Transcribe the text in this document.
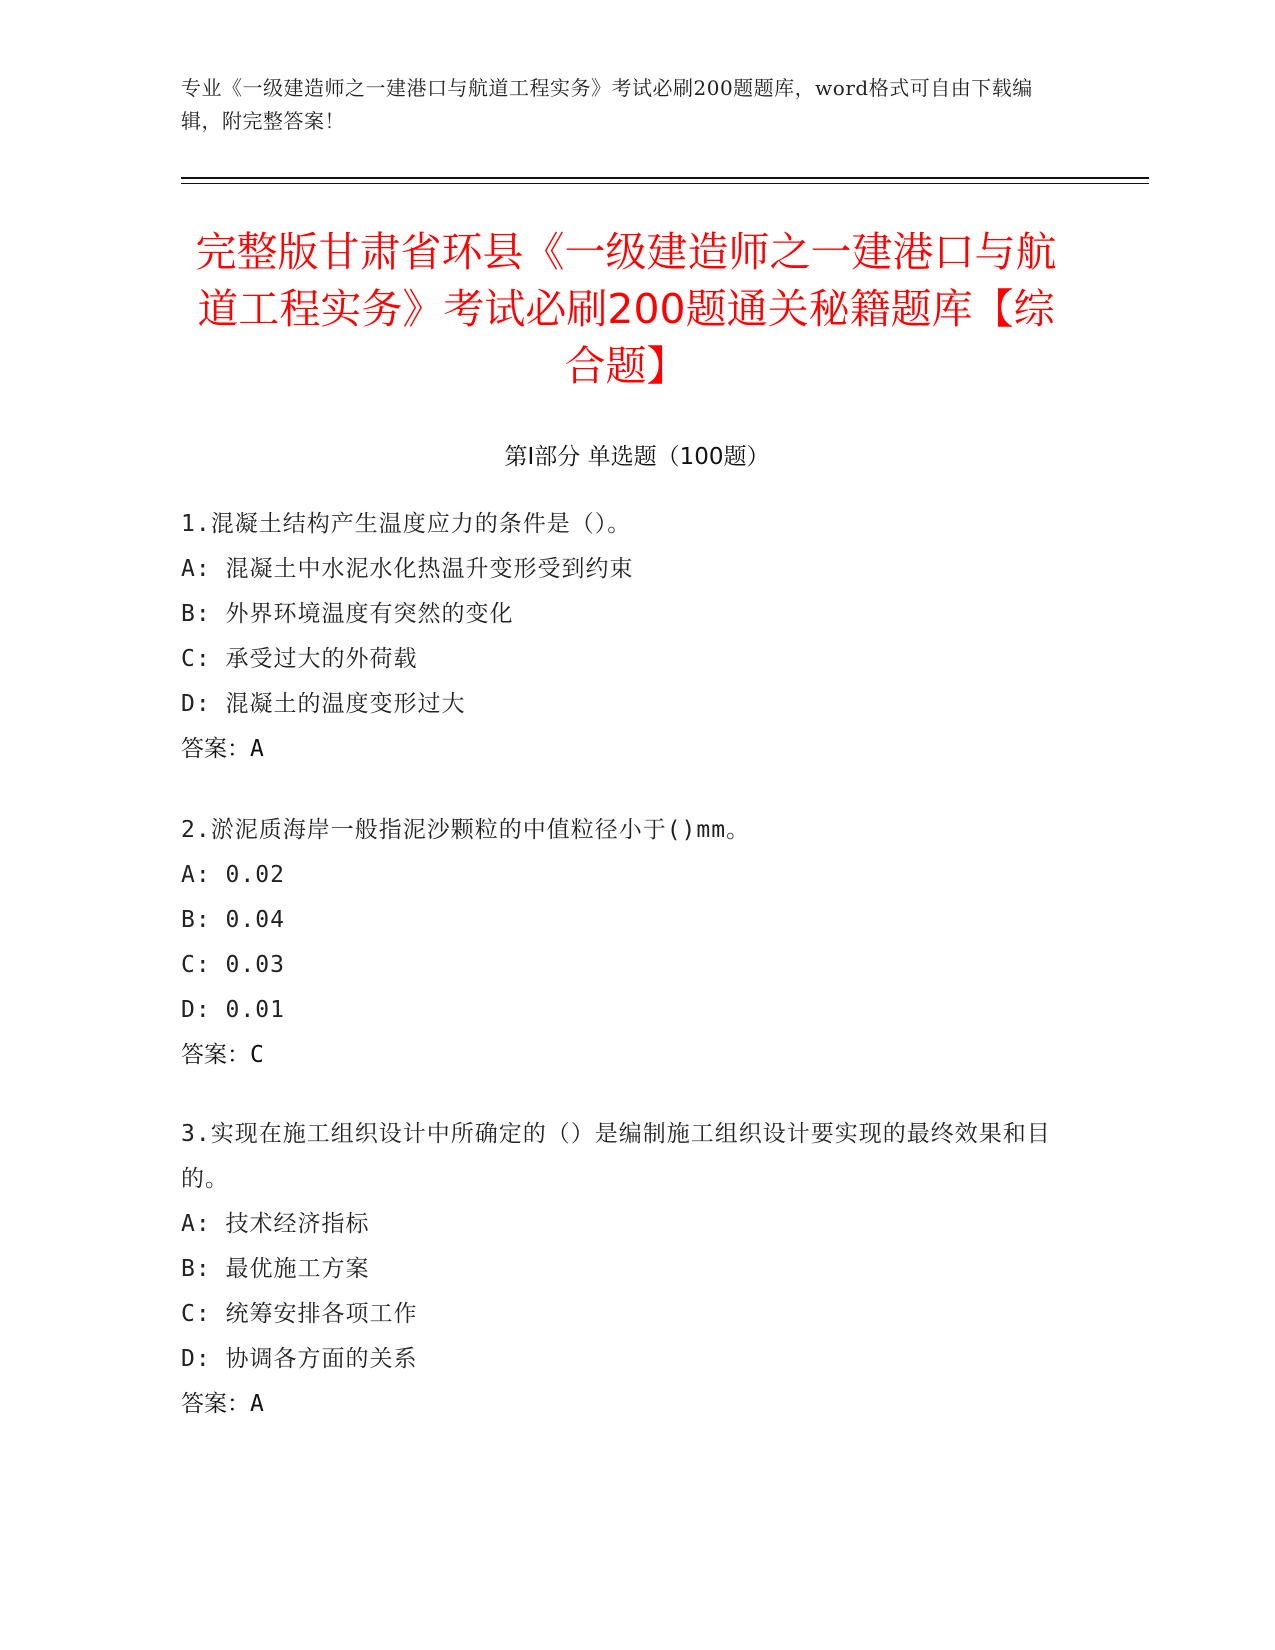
专业《一级建造师之一建港口与航道工程实务》考试必刷200题题库，word格式可自由下载编辑，附完整答案！
完整版甘肃省环县《一级建造师之一建港口与航道工程实务》考试必刷200题通关秘籍题库【综合题】
第I部分 单选题（100题）
1.混凝土结构产生温度应力的条件是（）。
A: 混凝土中水泥水化热温升变形受到约束
B: 外界环境温度有突然的变化
C: 承受过大的外荷载
D: 混凝土的温度变形过大
答案：A
2.淤泥质海岸一般指泥沙颗粒的中值粒径小于()mm。
A: 0.02
B: 0.04
C: 0.03
D: 0.01
答案：C
3.实现在施工组织设计中所确定的（）是编制施工组织设计要实现的最终效果和目的。
A: 技术经济指标
B: 最优施工方案
C: 统筹安排各项工作
D: 协调各方面的关系
答案：A
